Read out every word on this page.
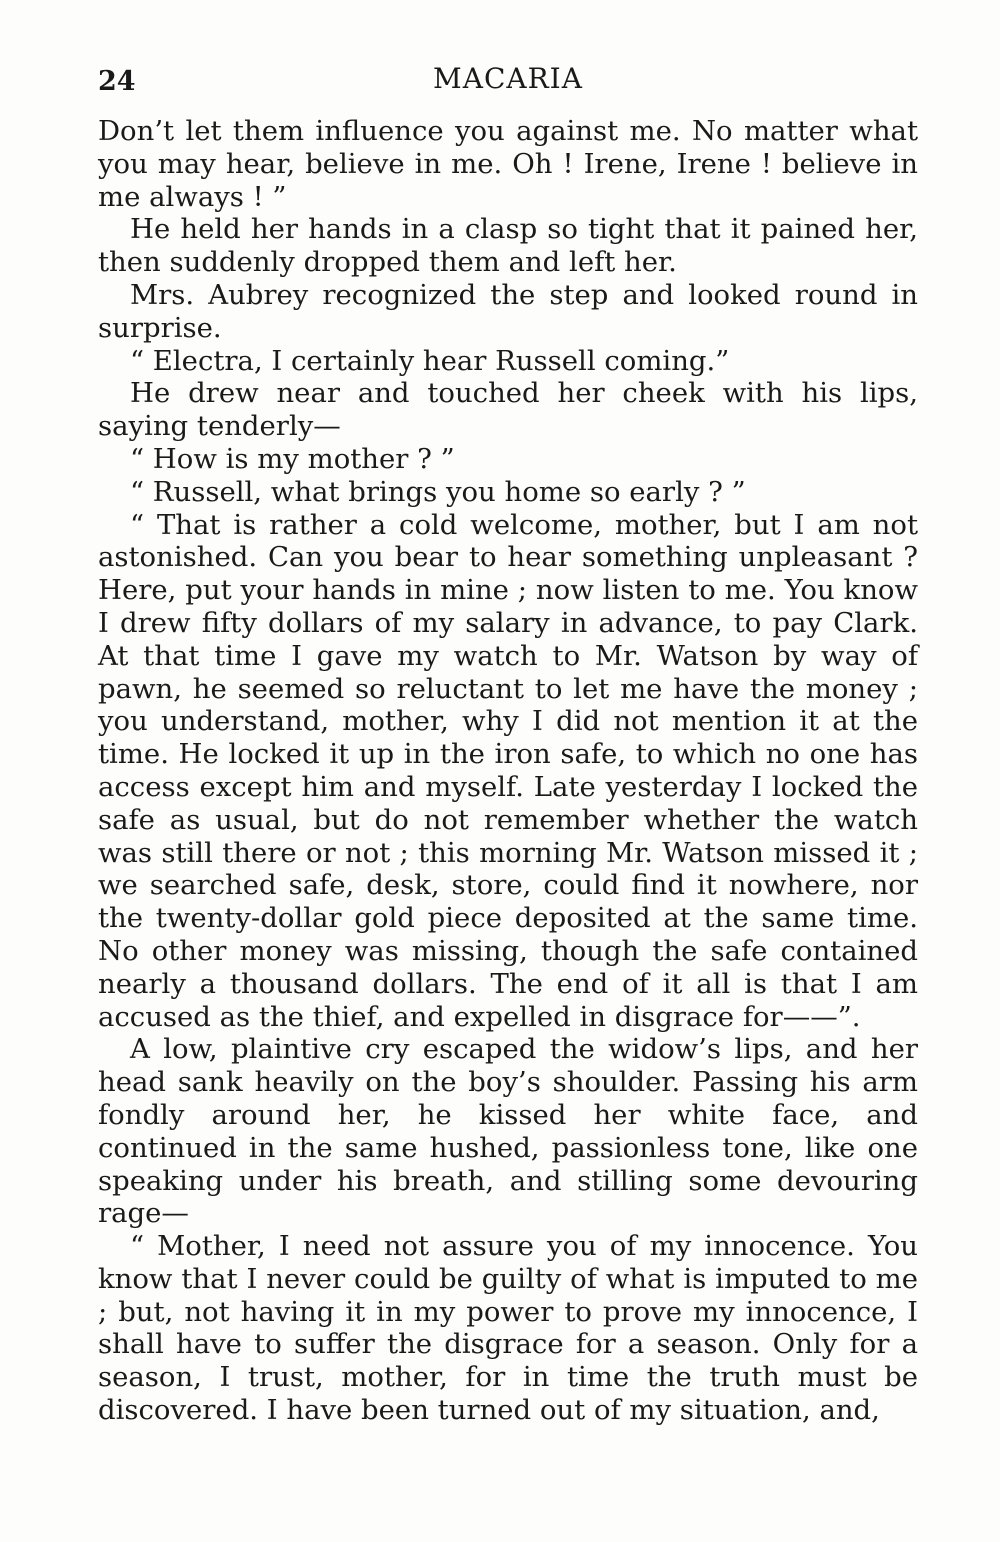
24	MACARIA

Don’t let them influence you against me. No matter what you may hear, believe in me. Oh ! Irene, Irene ! believe in me always ! ”

He held her hands in a clasp so tight that it pained her, then suddenly dropped them and left her.

Mrs. Aubrey recognized the step and looked round in surprise.

“ Electra, I certainly hear Russell coming.”

He drew near and touched her cheek with his lips, saying tenderly—

“ How is my mother ? ”

“ Russell, what brings you home so early ? ”

“ That is rather a cold welcome, mother, but I am not astonished. Can you bear to hear something unpleasant ? Here, put your hands in mine ; now listen to me. You know I drew fifty dollars of my salary in advance, to pay Clark. At that time I gave my watch to Mr. Watson by way of pawn, he seemed so reluctant to let me have the money ; you understand, mother, why I did not mention it at the time. He locked it up in the iron safe, to which no one has access except him and myself. Late yesterday I locked the safe as usual, but do not remember whether the watch was still there or not ; this morning Mr. Watson missed it ; we searched safe, desk, store, could find it nowhere, nor the twenty-dollar gold piece deposited at the same time. No other money was missing, though the safe contained nearly a thousand dollars. The end of it all is that I am accused as the thief, and expelled in disgrace for——”.

A low, plaintive cry escaped the widow’s lips, and her head sank heavily on the boy’s shoulder. Passing his arm fondly around her, he kissed her white face, and continued in the same hushed, passionless tone, like one speaking under his breath, and stilling some devouring rage—

“ Mother, I need not assure you of my innocence. You know that I never could be guilty of what is imputed to me ; but, not having it in my power to prove my innocence, I shall have to suffer the disgrace for a season. Only for a season, I trust, mother, for in time the truth must be discovered. I have been turned out of my situation, and,
